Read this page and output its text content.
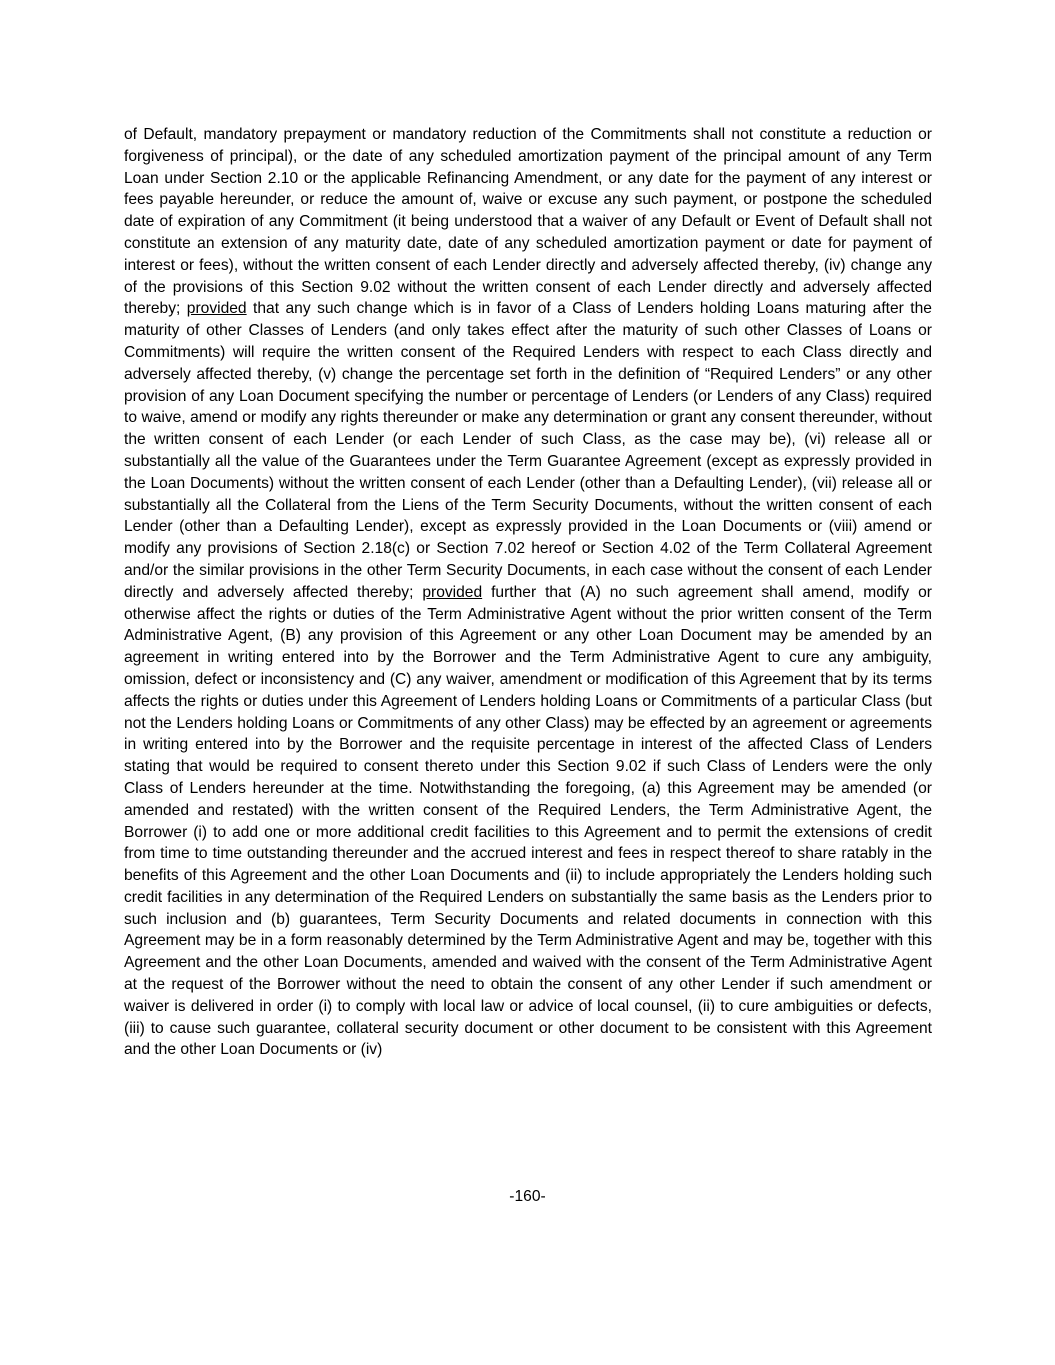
of Default, mandatory prepayment or mandatory reduction of the Commitments shall not constitute a reduction or forgiveness of principal), or the date of any scheduled amortization payment of the principal amount of any Term Loan under Section 2.10 or the applicable Refinancing Amendment, or any date for the payment of any interest or fees payable hereunder, or reduce the amount of, waive or excuse any such payment, or postpone the scheduled date of expiration of any Commitment (it being understood that a waiver of any Default or Event of Default shall not constitute an extension of any maturity date, date of any scheduled amortization payment or date for payment of interest or fees), without the written consent of each Lender directly and adversely affected thereby, (iv) change any of the provisions of this Section 9.02 without the written consent of each Lender directly and adversely affected thereby; provided that any such change which is in favor of a Class of Lenders holding Loans maturing after the maturity of other Classes of Lenders (and only takes effect after the maturity of such other Classes of Loans or Commitments) will require the written consent of the Required Lenders with respect to each Class directly and adversely affected thereby, (v) change the percentage set forth in the definition of “Required Lenders” or any other provision of any Loan Document specifying the number or percentage of Lenders (or Lenders of any Class) required to waive, amend or modify any rights thereunder or make any determination or grant any consent thereunder, without the written consent of each Lender (or each Lender of such Class, as the case may be), (vi) release all or substantially all the value of the Guarantees under the Term Guarantee Agreement (except as expressly provided in the Loan Documents) without the written consent of each Lender (other than a Defaulting Lender), (vii) release all or substantially all the Collateral from the Liens of the Term Security Documents, without the written consent of each Lender (other than a Defaulting Lender), except as expressly provided in the Loan Documents or (viii) amend or modify any provisions of Section 2.18(c) or Section 7.02 hereof or Section 4.02 of the Term Collateral Agreement and/or the similar provisions in the other Term Security Documents, in each case without the consent of each Lender directly and adversely affected thereby; provided further that (A) no such agreement shall amend, modify or otherwise affect the rights or duties of the Term Administrative Agent without the prior written consent of the Term Administrative Agent, (B) any provision of this Agreement or any other Loan Document may be amended by an agreement in writing entered into by the Borrower and the Term Administrative Agent to cure any ambiguity, omission, defect or inconsistency and (C) any waiver, amendment or modification of this Agreement that by its terms affects the rights or duties under this Agreement of Lenders holding Loans or Commitments of a particular Class (but not the Lenders holding Loans or Commitments of any other Class) may be effected by an agreement or agreements in writing entered into by the Borrower and the requisite percentage in interest of the affected Class of Lenders stating that would be required to consent thereto under this Section 9.02 if such Class of Lenders were the only Class of Lenders hereunder at the time. Notwithstanding the foregoing, (a) this Agreement may be amended (or amended and restated) with the written consent of the Required Lenders, the Term Administrative Agent, the Borrower (i) to add one or more additional credit facilities to this Agreement and to permit the extensions of credit from time to time outstanding thereunder and the accrued interest and fees in respect thereof to share ratably in the benefits of this Agreement and the other Loan Documents and (ii) to include appropriately the Lenders holding such credit facilities in any determination of the Required Lenders on substantially the same basis as the Lenders prior to such inclusion and (b) guarantees, Term Security Documents and related documents in connection with this Agreement may be in a form reasonably determined by the Term Administrative Agent and may be, together with this Agreement and the other Loan Documents, amended and waived with the consent of the Term Administrative Agent at the request of the Borrower without the need to obtain the consent of any other Lender if such amendment or waiver is delivered in order (i) to comply with local law or advice of local counsel, (ii) to cure ambiguities or defects, (iii) to cause such guarantee, collateral security document or other document to be consistent with this Agreement and the other Loan Documents or (iv)

-160-
